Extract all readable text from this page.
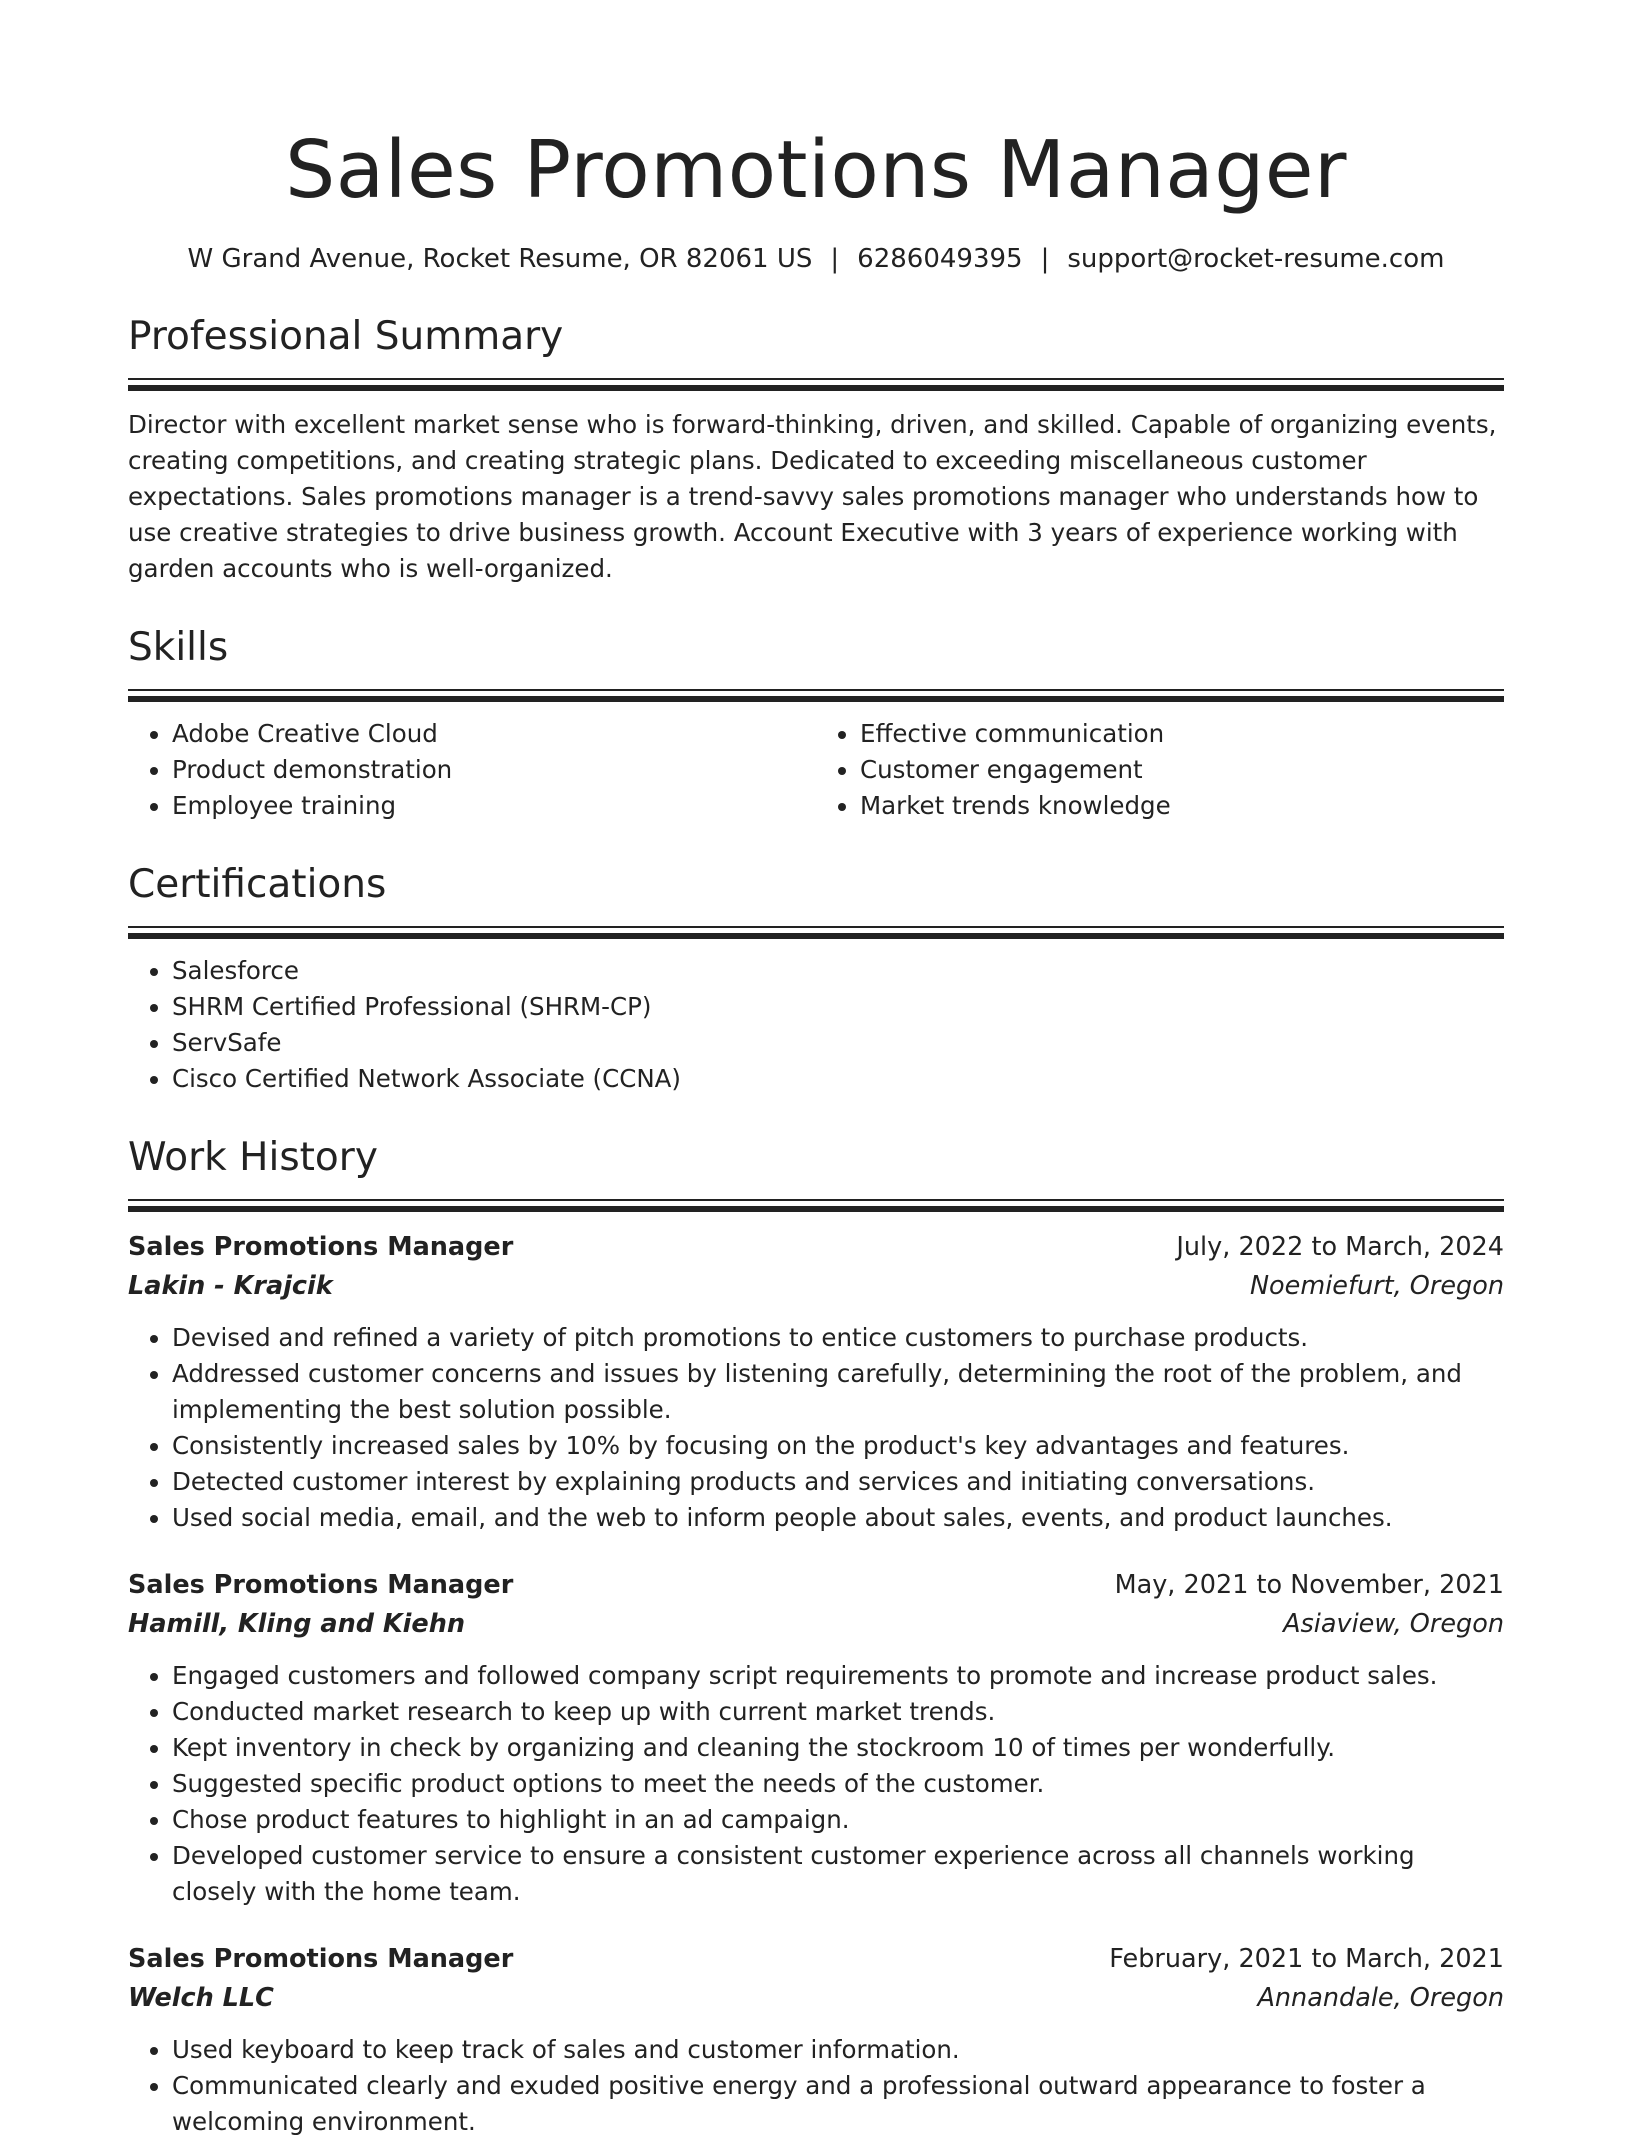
Sales Promotions Manager
W Grand Avenue, Rocket Resume, OR 82061 US | 6286049395 | support@rocket-resume.com
Professional Summary

Director with excellent market sense who is forward-thinking, driven, and skilled. Capable of organizing events, creating competitions, and creating strategic plans. Dedicated to exceeding miscellaneous customer expectations. Sales promotions manager is a trend-savvy sales promotions manager who understands how to use creative strategies to drive business growth. Account Executive with 3 years of experience working with garden accounts who is well-organized.

Skills
• Adobe Creative Cloud
• Product demonstration
• Employee training
• Effective communication
• Customer engagement
• Market trends knowledge
Certifications
• Salesforce
• SHRM Certified Professional (SHRM-CP)
• ServSafe
• Cisco Certified Network Associate (CCNA)
Work History
Sales Promotions Manager	July, 2022 to March, 2024
Lakin - Krajcik	Noemiefurt, Oregon
• Devised and refined a variety of pitch promotions to entice customers to purchase products.
• Addressed customer concerns and issues by listening carefully, determining the root of the problem, and implementing the best solution possible.
• Consistently increased sales by 10% by focusing on the product's key advantages and features.
• Detected customer interest by explaining products and services and initiating conversations.
• Used social media, email, and the web to inform people about sales, events, and product launches.
Sales Promotions Manager	May, 2021 to November, 2021
Hamill, Kling and Kiehn	Asiaview, Oregon
• Engaged customers and followed company script requirements to promote and increase product sales.
• Conducted market research to keep up with current market trends.
• Kept inventory in check by organizing and cleaning the stockroom 10 of times per wonderfully.
• Suggested specific product options to meet the needs of the customer.
• Chose product features to highlight in an ad campaign.
• Developed customer service to ensure a consistent customer experience across all channels working closely with the home team.
Sales Promotions Manager	February, 2021 to March, 2021
Welch LLC	Annandale, Oregon
• Used keyboard to keep track of sales and customer information.
• Communicated clearly and exuded positive energy and a professional outward appearance to foster a welcoming environment.
